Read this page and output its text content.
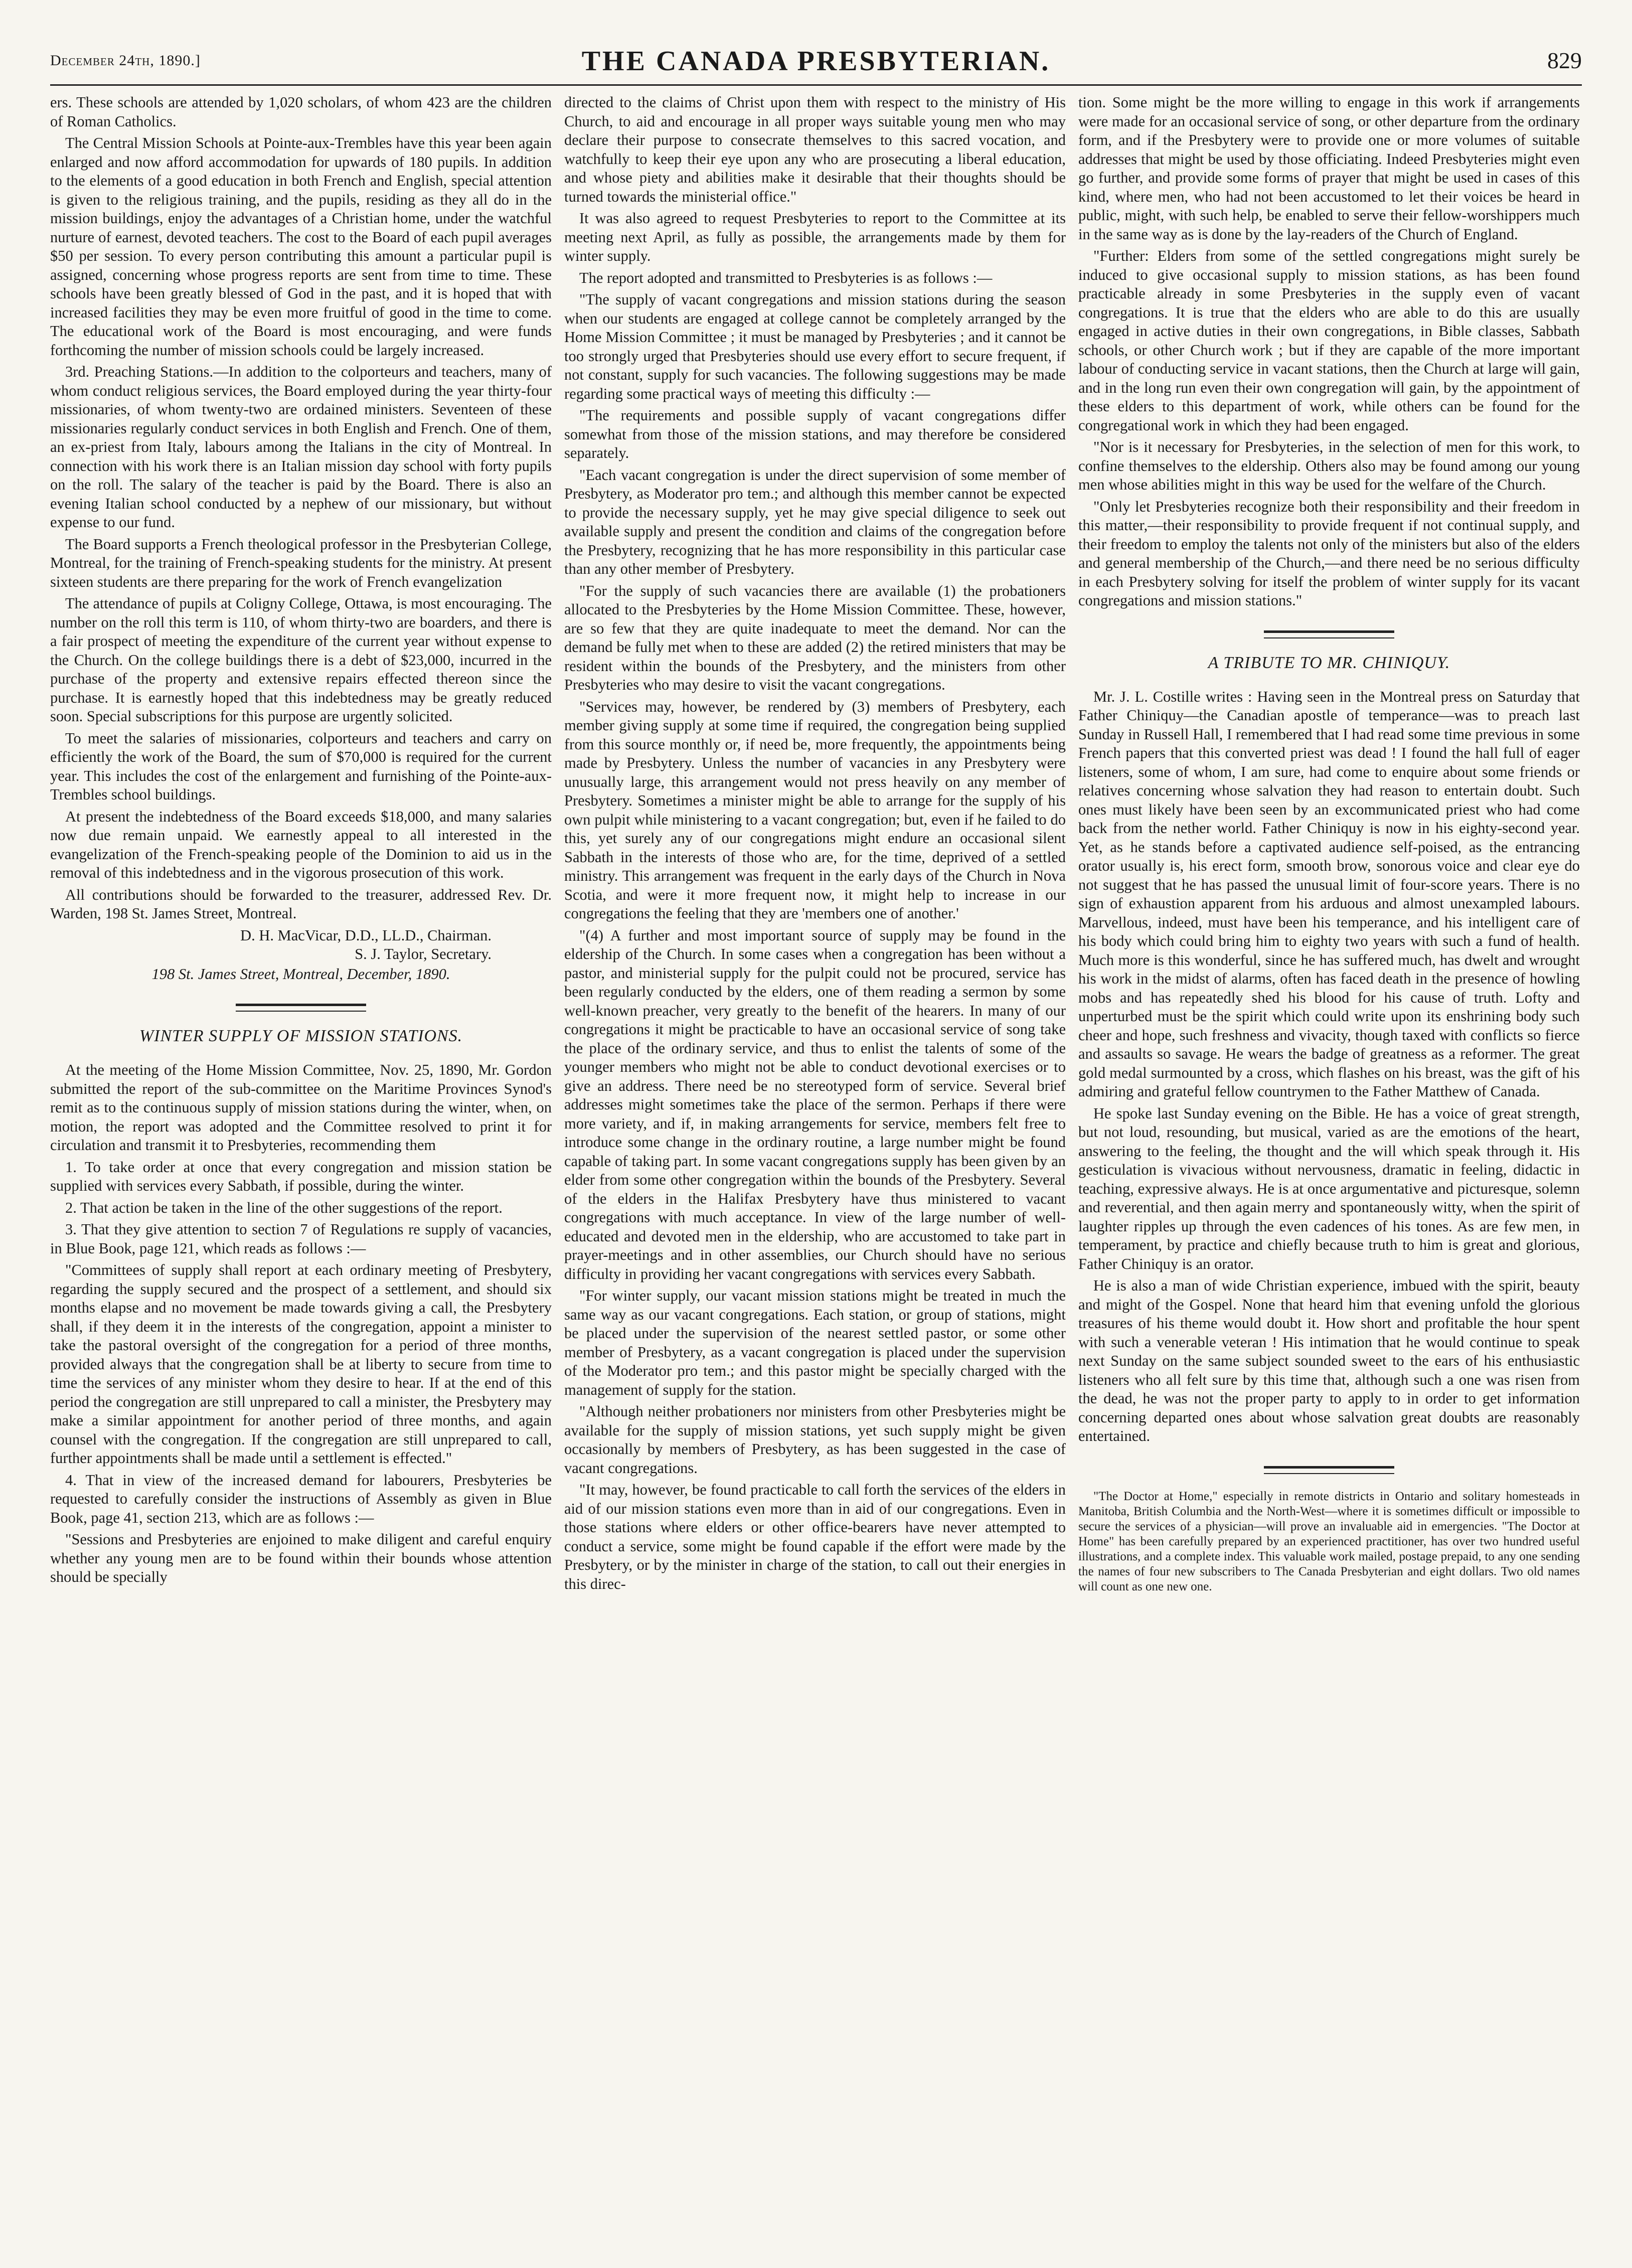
December 24th, 1890.]	THE CANADA PRESBYTERIAN.	829

ers. These schools are attended by 1,020 scholars, of whom 423 are the children of Roman Catholics.

The Central Mission Schools at Pointe-aux-Trembles have this year been again enlarged and now afford accommodation for upwards of 180 pupils. In addition to the elements of a good education in both French and English, special attention is given to the religious training, and the pupils, residing as they all do in the mission buildings, enjoy the advantages of a Christian home, under the watchful nurture of earnest, devoted teachers. The cost to the Board of each pupil averages $50 per session. To every person contributing this amount a particular pupil is assigned, concerning whose progress reports are sent from time to time. These schools have been greatly blessed of God in the past, and it is hoped that with increased facilities they may be even more fruitful of good in the time to come. The educational work of the Board is most encouraging, and were funds forthcoming the number of mission schools could be largely increased.

3rd. Preaching Stations.—In addition to the colporteurs and teachers, many of whom conduct religious services, the Board employed during the year thirty-four missionaries, of whom twenty-two are ordained ministers. Seventeen of these missionaries regularly conduct services in both English and French. One of them, an ex-priest from Italy, labours among the Italians in the city of Montreal. In connection with his work there is an Italian mission day school with forty pupils on the roll. The salary of the teacher is paid by the Board. There is also an evening Italian school conducted by a nephew of our missionary, but without expense to our fund.

The Board supports a French theological professor in the Presbyterian College, Montreal, for the training of French-speaking students for the ministry. At present sixteen students are there preparing for the work of French evangelization

The attendance of pupils at Coligny College, Ottawa, is most encouraging. The number on the roll this term is 110, of whom thirty-two are boarders, and there is a fair prospect of meeting the expenditure of the current year without expense to the Church. On the college buildings there is a debt of $23,000, incurred in the purchase of the property and extensive repairs effected thereon since the purchase. It is earnestly hoped that this indebtedness may be greatly reduced soon. Special subscriptions for this purpose are urgently solicited.

To meet the salaries of missionaries, colporteurs and teachers and carry on efficiently the work of the Board, the sum of $70,000 is required for the current year. This includes the cost of the enlargement and furnishing of the Pointe-aux-Trembles school buildings.

At present the indebtedness of the Board exceeds $18,000, and many salaries now due remain unpaid. We earnestly appeal to all interested in the evangelization of the French-speaking people of the Dominion to aid us in the removal of this indebtedness and in the vigorous prosecution of this work.

All contributions should be forwarded to the treasurer, addressed Rev. Dr. Warden, 198 St. James Street, Montreal.

D. H. MacVicar, D.D., LL.D., Chairman.
S. J. Taylor, Secretary.
198 St. James Street, Montreal, December, 1890.
WINTER SUPPLY OF MISSION STATIONS.

At the meeting of the Home Mission Committee, Nov. 25, 1890, Mr. Gordon submitted the report of the sub-committee on the Maritime Provinces Synod's remit as to the continuous supply of mission stations during the winter, when, on motion, the report was adopted and the Committee resolved to print it for circulation and transmit it to Presbyteries, recommending them

1. To take order at once that every congregation and mission station be supplied with services every Sabbath, if possible, during the winter.

2. That action be taken in the line of the other suggestions of the report.

3. That they give attention to section 7 of Regulations re supply of vacancies, in Blue Book, page 121, which reads as follows :—

"Committees of supply shall report at each ordinary meeting of Presbytery, regarding the supply secured and the prospect of a settlement, and should six months elapse and no movement be made towards giving a call, the Presbytery shall, if they deem it in the interests of the congregation, appoint a minister to take the pastoral oversight of the congregation for a period of three months, provided always that the congregation shall be at liberty to secure from time to time the services of any minister whom they desire to hear. If at the end of this period the congregation are still unprepared to call a minister, the Presbytery may make a similar appointment for another period of three months, and again counsel with the congregation. If the congregation are still unprepared to call, further appointments shall be made until a settlement is effected."

4. That in view of the increased demand for labourers, Presbyteries be requested to carefully consider the instructions of Assembly as given in Blue Book, page 41, section 213, which are as follows :—

"Sessions and Presbyteries are enjoined to make diligent and careful enquiry whether any young men are to be found within their bounds whose attention should be specially

directed to the claims of Christ upon them with respect to the ministry of His Church, to aid and encourage in all proper ways suitable young men who may declare their purpose to consecrate themselves to this sacred vocation, and watchfully to keep their eye upon any who are prosecuting a liberal education, and whose piety and abilities make it desirable that their thoughts should be turned towards the ministerial office."

It was also agreed to request Presbyteries to report to the Committee at its meeting next April, as fully as possible, the arrangements made by them for winter supply.

The report adopted and transmitted to Presbyteries is as follows :—

"The supply of vacant congregations and mission stations during the season when our students are engaged at college cannot be completely arranged by the Home Mission Committee ; it must be managed by Presbyteries ; and it cannot be too strongly urged that Presbyteries should use every effort to secure frequent, if not constant, supply for such vacancies. The following suggestions may be made regarding some practical ways of meeting this difficulty :—

"The requirements and possible supply of vacant congregations differ somewhat from those of the mission stations, and may therefore be considered separately.

"Each vacant congregation is under the direct supervision of some member of Presbytery, as Moderator pro tem.; and although this member cannot be expected to provide the necessary supply, yet he may give special diligence to seek out available supply and present the condition and claims of the congregation before the Presbytery, recognizing that he has more responsibility in this particular case than any other member of Presbytery.

"For the supply of such vacancies there are available (1) the probationers allocated to the Presbyteries by the Home Mission Committee. These, however, are so few that they are quite inadequate to meet the demand. Nor can the demand be fully met when to these are added (2) the retired ministers that may be resident within the bounds of the Presbytery, and the ministers from other Presbyteries who may desire to visit the vacant congregations.

"Services may, however, be rendered by (3) members of Presbytery, each member giving supply at some time if required, the congregation being supplied from this source monthly or, if need be, more frequently, the appointments being made by Presbytery. Unless the number of vacancies in any Presbytery were unusually large, this arrangement would not press heavily on any member of Presbytery. Sometimes a minister might be able to arrange for the supply of his own pulpit while ministering to a vacant congregation; but, even if he failed to do this, yet surely any of our congregations might endure an occasional silent Sabbath in the interests of those who are, for the time, deprived of a settled ministry. This arrangement was frequent in the early days of the Church in Nova Scotia, and were it more frequent now, it might help to increase in our congregations the feeling that they are 'members one of another.'

"(4) A further and most important source of supply may be found in the eldership of the Church. In some cases when a congregation has been without a pastor, and ministerial supply for the pulpit could not be procured, service has been regularly conducted by the elders, one of them reading a sermon by some well-known preacher, very greatly to the benefit of the hearers. In many of our congregations it might be practicable to have an occasional service of song take the place of the ordinary service, and thus to enlist the talents of some of the younger members who might not be able to conduct devotional exercises or to give an address. There need be no stereotyped form of service. Several brief addresses might sometimes take the place of the sermon. Perhaps if there were more variety, and if, in making arrangements for service, members felt free to introduce some change in the ordinary routine, a large number might be found capable of taking part. In some vacant congregations supply has been given by an elder from some other congregation within the bounds of the Presbytery. Several of the elders in the Halifax Presbytery have thus ministered to vacant congregations with much acceptance. In view of the large number of well-educated and devoted men in the eldership, who are accustomed to take part in prayer-meetings and in other assemblies, our Church should have no serious difficulty in providing her vacant congregations with services every Sabbath.

"For winter supply, our vacant mission stations might be treated in much the same way as our vacant congregations. Each station, or group of stations, might be placed under the supervision of the nearest settled pastor, or some other member of Presbytery, as a vacant congregation is placed under the supervision of the Moderator pro tem.; and this pastor might be specially charged with the management of supply for the station.

"Although neither probationers nor ministers from other Presbyteries might be available for the supply of mission stations, yet such supply might be given occasionally by members of Presbytery, as has been suggested in the case of vacant congregations.

"It may, however, be found practicable to call forth the services of the elders in aid of our mission stations even more than in aid of our congregations. Even in those stations where elders or other office-bearers have never attempted to conduct a service, some might be found capable if the effort were made by the Presbytery, or by the minister in charge of the station, to call out their energies in this direc-

tion. Some might be the more willing to engage in this work if arrangements were made for an occasional service of song, or other departure from the ordinary form, and if the Presbytery were to provide one or more volumes of suitable addresses that might be used by those officiating. Indeed Presbyteries might even go further, and provide some forms of prayer that might be used in cases of this kind, where men, who had not been accustomed to let their voices be heard in public, might, with such help, be enabled to serve their fellow-worshippers much in the same way as is done by the lay-readers of the Church of England.

"Further: Elders from some of the settled congregations might surely be induced to give occasional supply to mission stations, as has been found practicable already in some Presbyteries in the supply even of vacant congregations. It is true that the elders who are able to do this are usually engaged in active duties in their own congregations, in Bible classes, Sabbath schools, or other Church work ; but if they are capable of the more important labour of conducting service in vacant stations, then the Church at large will gain, and in the long run even their own congregation will gain, by the appointment of these elders to this department of work, while others can be found for the congregational work in which they had been engaged.

"Nor is it necessary for Presbyteries, in the selection of men for this work, to confine themselves to the eldership. Others also may be found among our young men whose abilities might in this way be used for the welfare of the Church.

"Only let Presbyteries recognize both their responsibility and their freedom in this matter,—their responsibility to provide frequent if not continual supply, and their freedom to employ the talents not only of the ministers but also of the elders and general membership of the Church,—and there need be no serious difficulty in each Presbytery solving for itself the problem of winter supply for its vacant congregations and mission stations."

A TRIBUTE TO MR. CHINIQUY.

Mr. J. L. Costille writes : Having seen in the Montreal press on Saturday that Father Chiniquy—the Canadian apostle of temperance—was to preach last Sunday in Russell Hall, I remembered that I had read some time previous in some French papers that this converted priest was dead ! I found the hall full of eager listeners, some of whom, I am sure, had come to enquire about some friends or relatives concerning whose salvation they had reason to entertain doubt. Such ones must likely have been seen by an excommunicated priest who had come back from the nether world. Father Chiniquy is now in his eighty-second year. Yet, as he stands before a captivated audience self-poised, as the entrancing orator usually is, his erect form, smooth brow, sonorous voice and clear eye do not suggest that he has passed the unusual limit of four-score years. There is no sign of exhaustion apparent from his arduous and almost unexampled labours. Marvellous, indeed, must have been his temperance, and his intelligent care of his body which could bring him to eighty two years with such a fund of health. Much more is this wonderful, since he has suffered much, has dwelt and wrought his work in the midst of alarms, often has faced death in the presence of howling mobs and has repeatedly shed his blood for his cause of truth. Lofty and unperturbed must be the spirit which could write upon its enshrining body such cheer and hope, such freshness and vivacity, though taxed with conflicts so fierce and assaults so savage. He wears the badge of greatness as a reformer. The great gold medal surmounted by a cross, which flashes on his breast, was the gift of his admiring and grateful fellow countrymen to the Father Matthew of Canada.

He spoke last Sunday evening on the Bible. He has a voice of great strength, but not loud, resounding, but musical, varied as are the emotions of the heart, answering to the feeling, the thought and the will which speak through it. His gesticulation is vivacious without nervousness, dramatic in feeling, didactic in teaching, expressive always. He is at once argumentative and picturesque, solemn and reverential, and then again merry and spontaneously witty, when the spirit of laughter ripples up through the even cadences of his tones. As are few men, in temperament, by practice and chiefly because truth to him is great and glorious, Father Chiniquy is an orator.

He is also a man of wide Christian experience, imbued with the spirit, beauty and might of the Gospel. None that heard him that evening unfold the glorious treasures of his theme would doubt it. How short and profitable the hour spent with such a venerable veteran ! His intimation that he would continue to speak next Sunday on the same subject sounded sweet to the ears of his enthusiastic listeners who all felt sure by this time that, although such a one was risen from the dead, he was not the proper party to apply to in order to get information concerning departed ones about whose salvation great doubts are reasonably entertained.

"The Doctor at Home," especially in remote districts in Ontario and solitary homesteads in Manitoba, British Columbia and the North-West—where it is sometimes difficult or impossible to secure the services of a physician—will prove an invaluable aid in emergencies. "The Doctor at Home" has been carefully prepared by an experienced practitioner, has over two hundred useful illustrations, and a complete index. This valuable work mailed, postage prepaid, to any one sending the names of four new subscribers to The Canada Presbyterian and eight dollars. Two old names will count as one new one.
